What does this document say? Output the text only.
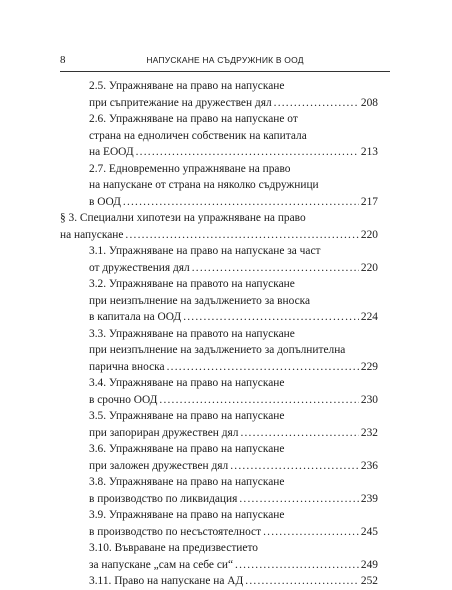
8	НАПУСКАНЕ НА СЪДРУЖНИК В ООД
2.5. Упражняване на право на напускане
при съпритежание на дружествен дял .....	208
2.6. Упражняване на право на напускане от
страна на едноличен собственик на капитала
на ЕООД .....	213
2.7. Едновременно упражняване на право
на напускане от страна на няколко съдружници
в ООД .....	217
§ 3. Специални хипотези на упражняване на право
на напускане .....	220
3.1. Упражняване на право на напускане за част
от дружествения дял .....	220
3.2. Упражняване на правото на напускане
при неизпълнение на задължението за вноска
в капитала на ООД .....	224
3.3. Упражняване на правото на напускане
при неизпълнение на задължението за допълнителна
парична вноска .....	229
3.4. Упражняване на право на напускане
в срочно ООД .....	230
3.5. Упражняване на право на напускане
при запориран дружествен дял .....	232
3.6. Упражняване на право на напускане
при заложен дружествен дял .....	236
3.8. Упражняване на право на напускане
в производство по ликвидация .....	239
3.9. Упражняване на право на напускане
в производство по несъстоятелност .....	245
3.10. Въвраване на предизвестието
за напускане „сам на себе си“ .....	249
3.11. Право на напускане на АД .....	252
